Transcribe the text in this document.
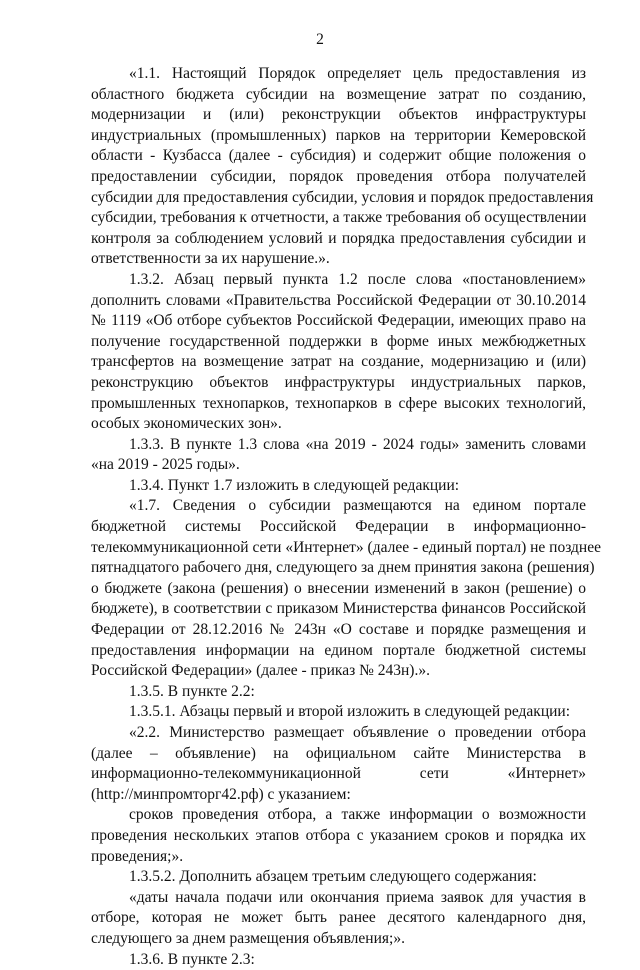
2
«1.1. Настоящий Порядок определяет цель предоставления из
областного бюджета субсидии на возмещение затрат по созданию,
модернизации и (или) реконструкции объектов инфраструктуры
индустриальных (промышленных) парков на территории Кемеровской
области - Кузбасса (далее - субсидия) и содержит общие положения о
предоставлении субсидии, порядок проведения отбора получателей
субсидии для предоставления субсидии, условия и порядок предоставления
субсидии, требования к отчетности, а также требования об осуществлении
контроля за соблюдением условий и порядка предоставления субсидии и
ответственности за их нарушение.».
1.3.2. Абзац первый пункта 1.2 после слова «постановлением»
дополнить словами «Правительства Российской Федерации от 30.10.2014
№ 1119 «Об отборе субъектов Российской Федерации, имеющих право на
получение государственной поддержки в форме иных межбюджетных
трансфертов на возмещение затрат на создание, модернизацию и (или)
реконструкцию объектов инфраструктуры индустриальных парков,
промышленных технопарков, технопарков в сфере высоких технологий,
особых экономических зон».
1.3.3. В пункте 1.3 слова «на 2019 - 2024 годы» заменить словами
«на 2019 - 2025 годы».
1.3.4. Пункт 1.7 изложить в следующей редакции:
«1.7. Сведения о субсидии размещаются на едином портале
бюджетной системы Российской Федерации в информационно-
телекоммуникационной сети «Интернет» (далее - единый портал) не позднее
пятнадцатого рабочего дня, следующего за днем принятия закона (решения)
о бюджете (закона (решения) о внесении изменений в закон (решение) о
бюджете), в соответствии с приказом Министерства финансов Российской
Федерации от 28.12.2016 № 243н «О составе и порядке размещения и
предоставления информации на едином портале бюджетной системы
Российской Федерации» (далее - приказ № 243н).».
1.3.5. В пункте 2.2:
1.3.5.1. Абзацы первый и второй изложить в следующей редакции:
«2.2. Министерство размещает объявление о проведении отбора
(далее – объявление) на официальном сайте Министерства в
информационно-телекоммуникационной сети «Интернет»
(http://минпромторг42.рф) с указанием:
сроков проведения отбора, а также информации о возможности
проведения нескольких этапов отбора с указанием сроков и порядка их
проведения;».
1.3.5.2. Дополнить абзацем третьим следующего содержания:
«даты начала подачи или окончания приема заявок для участия в
отборе, которая не может быть ранее десятого календарного дня,
следующего за днем размещения объявления;».
1.3.6. В пункте 2.3:
